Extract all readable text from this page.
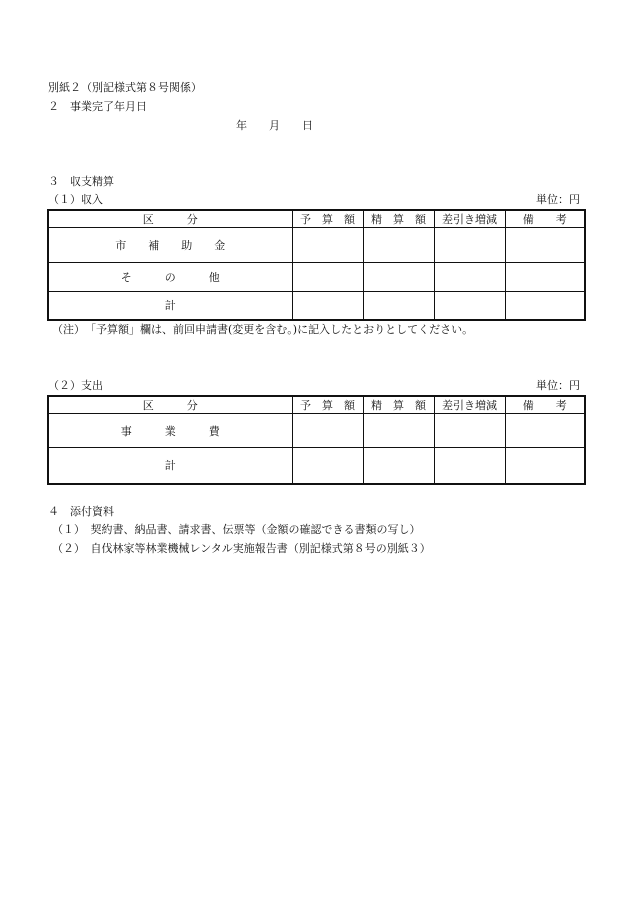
別紙２（別記様式第８号関係）
２　事業完了年月日
年　　月　　日
３　収支精算
（１）収入	単位：円
区　　　分	予　算　額	精　算　額	差引き増減	備　　考
市　　補　　助　　金				
そ　　　の　　　他				
計				
（注）　「予算額」欄は、前回申請書(変更を含む。)に記入したとおりとしてください。
（２）支出	単位：円
区　　　分	予　算　額	精　算　額	差引き増減	備　　考
事　　　業　　　費				
計				
４　添付資料
（１）　契約書、納品書、請求書、伝票等（金額の確認できる書類の写し）
（２）　自伐林家等林業機械レンタル実施報告書（別記様式第８号の別紙３）
